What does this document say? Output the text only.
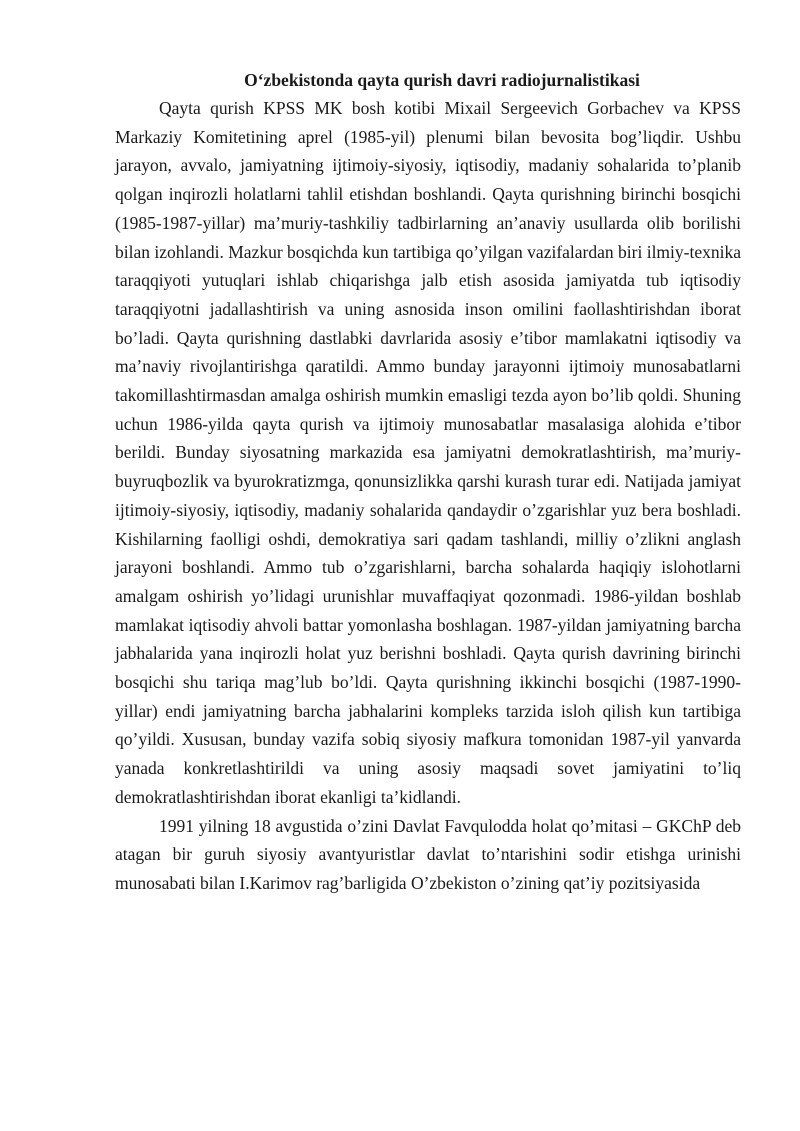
O‘zbekistonda qayta qurish davri radiojurnalistikasi

Qayta qurish KPSS MK bosh kotibi Mixail Sergeevich Gorbachev va KPSS Markaziy Komitetining aprel (1985-yil) plenumi bilan bevosita bog’liqdir. Ushbu jarayon, avvalo, jamiyatning ijtimoiy-siyosiy, iqtisodiy, madaniy sohalarida to’planib qolgan inqirozli holatlarni tahlil etishdan boshlandi. Qayta qurishning birinchi bosqichi (1985-1987-yillar) ma’muriy-tashkiliy tadbirlarning an’anaviy usullarda olib borilishi bilan izohlandi. Mazkur bosqichda kun tartibiga qo’yilgan vazifalardan biri ilmiy-texnika taraqqiyoti yutuqlari ishlab chiqarishga jalb etish asosida jamiyatda tub iqtisodiy taraqqiyotni jadallashtirish va uning asnosida inson omilini faollashtirishdan iborat bo’ladi. Qayta qurishning dastlabki davrlarida asosiy e’tibor mamlakatni iqtisodiy va ma’naviy rivojlantirishga qaratildi. Ammo bunday jarayonni ijtimoiy munosabatlarni takomillashtirmasdan amalga oshirish mumkin emasligi tezda ayon bo’lib qoldi. Shuning uchun 1986-yilda qayta qurish va ijtimoiy munosabatlar masalasiga alohida e’tibor berildi. Bunday siyosatning markazida esa jamiyatni demokratlashtirish, ma’muriy-buyruqbozlik va byurokratizmga, qonunsizlikka qarshi kurash turar edi. Natijada jamiyat ijtimoiy-siyosiy, iqtisodiy, madaniy sohalarida qandaydir o’zgarishlar yuz bera boshladi. Kishilarning faolligi oshdi, demokratiya sari qadam tashlandi, milliy o’zlikni anglash jarayoni boshlandi. Ammo tub o’zgarishlarni, barcha sohalarda haqiqiy islohotlarni amalgam oshirish yo’lidagi urunishlar muvaffaqiyat qozonmadi. 1986-yildan boshlab mamlakat iqtisodiy ahvoli battar yomonlasha boshlagan. 1987-yildan jamiyatning barcha jabhalarida yana inqirozli holat yuz berishni boshladi. Qayta qurish davrining birinchi bosqichi shu tariqa mag’lub bo’ldi. Qayta qurishning ikkinchi bosqichi (1987-1990-yillar) endi jamiyatning barcha jabhalarini kompleks tarzida isloh qilish kun tartibiga qo’yildi. Xususan, bunday vazifa sobiq siyosiy mafkura tomonidan 1987-yil yanvarda yanada konkretlashtirildi va uning asosiy maqsadi sovet jamiyatini to’liq demokratlashtirishdan iborat ekanligi ta’kidlandi.

1991 yilning 18 avgustida o’zini Davlat Favqulodda holat qo’mitasi – GKChP deb atagan bir guruh siyosiy avantyuristlar davlat to’ntarishini sodir etishga urinishi munosabati bilan I.Karimov rag’barligida O’zbekiston o’zining qat’iy pozitsiyasida
